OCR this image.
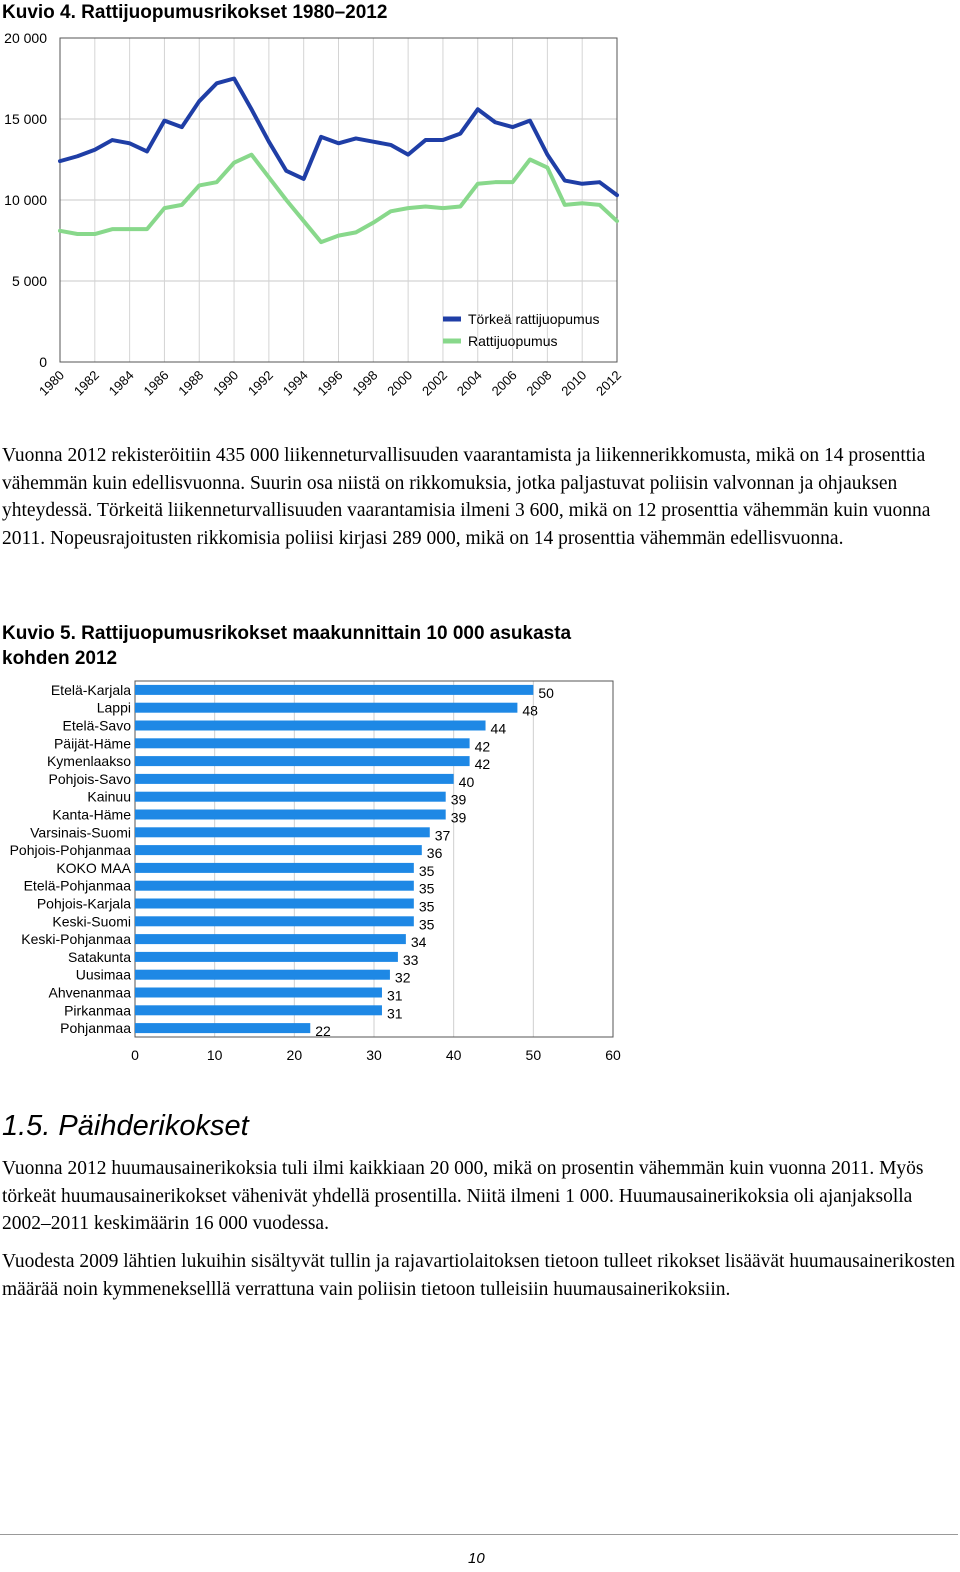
Kuvio 4. Rattijuopumusrikokset 1980–2012
0
5 000
10 000
15 000
20 000
1980 1982 1984 1986 1988 1990 1992 1994 1996 1998 2000 2002 2004 2006 2008 2010 2012
Törkeä rattijuopumus
Rattijuopumus

Vuonna 2012 rekisteröitiin 435 000 liikenneturvallisuuden vaarantamista ja liikennerikkomusta, mikä on 14 prosenttia vähemmän kuin edellisvuonna. Suurin osa niistä on rikkomuksia, jotka paljastuvat poliisin valvonnan ja ohjauksen yhteydessä. Törkeitä liikenneturvallisuuden vaarantamisia ilmeni 3 600, mikä on 12 prosenttia vähemmän kuin vuonna 2011. Nopeusrajoitusten rikkomisia poliisi kirjasi 289 000, mikä on 14 prosenttia vähemmän edellisvuonna.

Kuvio 5. Rattijuopumusrikokset maakunnittain 10 000 asukasta
kohden 2012
Etelä-Karjala
Lappi
Etelä-Savo
Päijät-Häme
Kymenlaakso
Pohjois-Savo
Kainuu
Kanta-Häme
Varsinais-Suomi
Pohjois-Pohjanmaa
KOKO MAA
Etelä-Pohjanmaa
Pohjois-Karjala
Keski-Suomi
Keski-Pohjanmaa
Satakunta
Uusimaa
Ahvenanmaa
Pirkanmaa
Pohjanmaa
50
48
44
42
42
40
39
39
37
36
35
35
35
35
34
33
32
31
31
22
0	10	20	30	40	50	60
1.5. Päihderikokset

Vuonna 2012 huumausainerikoksia tuli ilmi kaikkiaan 20 000, mikä on prosentin vähemmän kuin vuonna 2011. Myös törkeät huumausainerikokset vähenivät yhdellä prosentilla. Niitä ilmeni 1 000. Huumausainerikoksia oli ajanjaksolla 2002–2011 keskimäärin 16 000 vuodessa.

Vuodesta 2009 lähtien lukuihin sisältyvät tullin ja rajavartiolaitoksen tietoon tulleet rikokset lisäävät huumausainerikosten määrää noin kymmenekselllä verrattuna vain poliisin tietoon tulleisiin huumausainerikoksiin.

10
